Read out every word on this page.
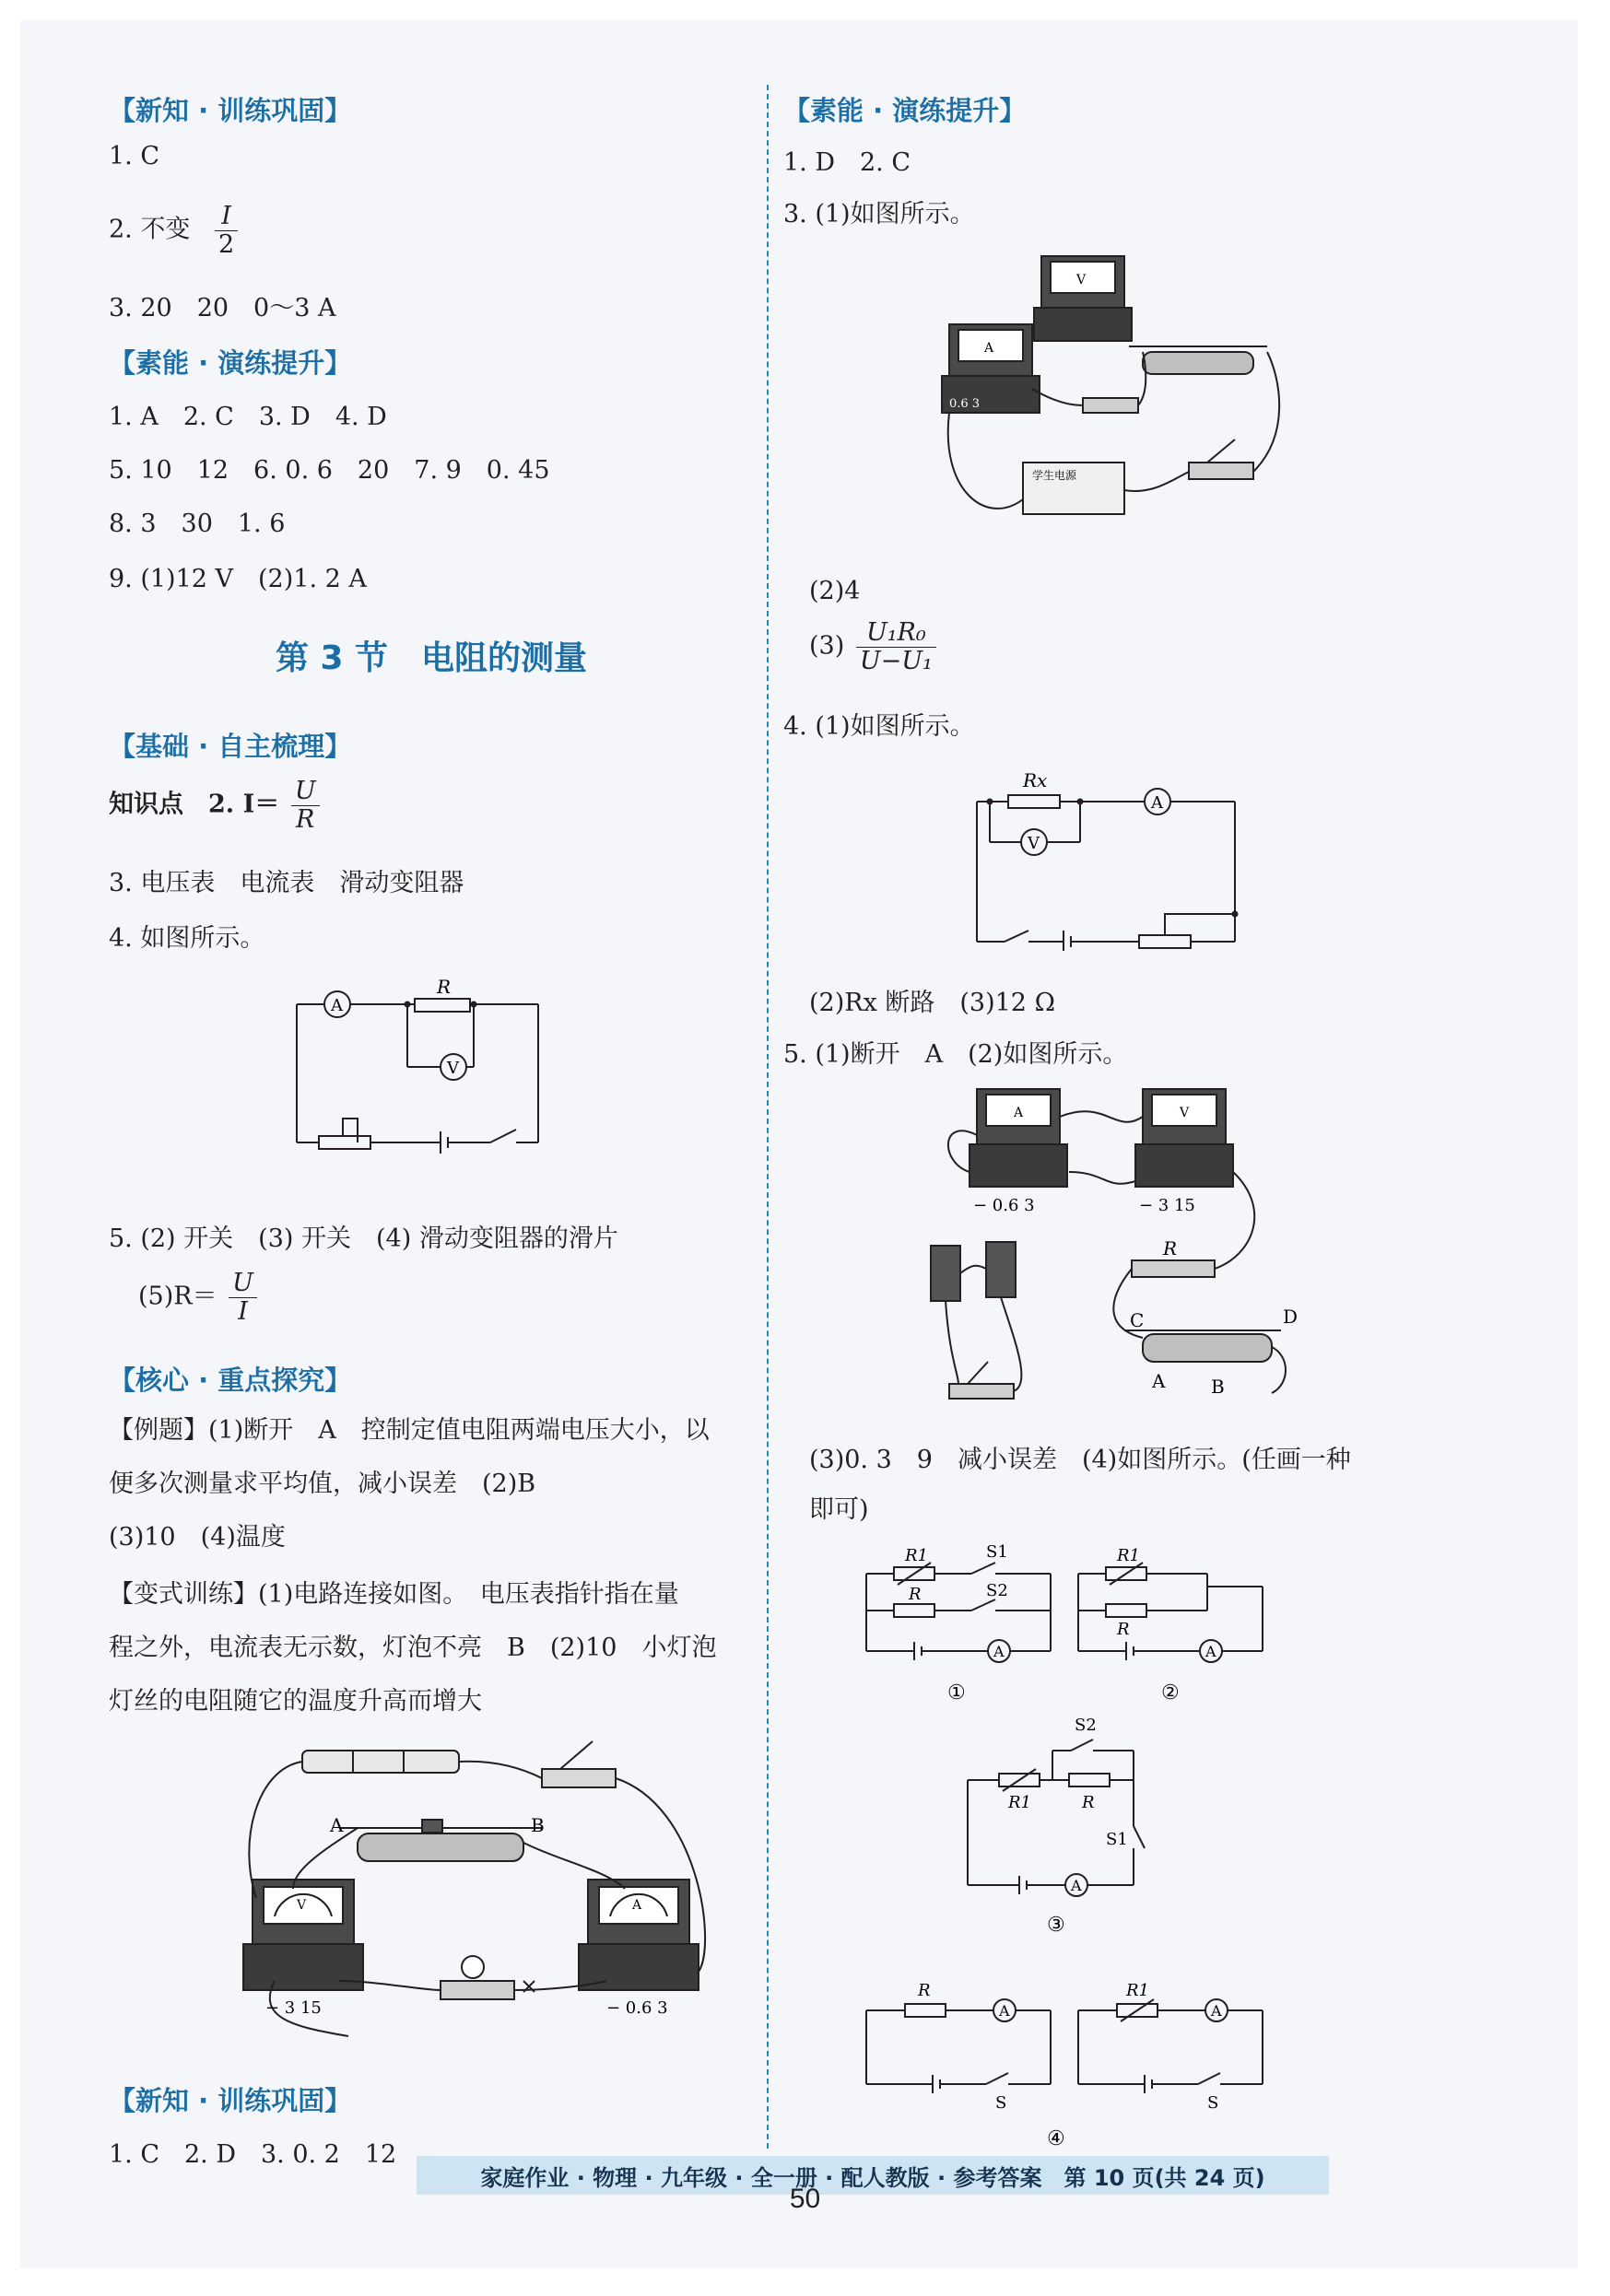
【新知 · 训练巩固】
1. C
2. 不变 $\frac{I}{2}$
3. 20　20　0～3 A
【素能 · 演练提升】
1. A　2. C　3. D　4. D
5. 10　12　6. 0. 6　20　7. 9　0. 45
8. 3　30　1. 6
9. (1)12 V　(2)1. 2 A
第 3 节　电阻的测量
【基础 · 自主梳理】
知识点　2. $I= \frac{U}{R}$
3. 电压表　电流表　滑动变阻器
4. 如图所示。
R
A
V
5. (2) 开关　(3) 开关　(4) 滑动变阻器的滑片
$(5)R= \frac{U}{I}$
【核心 · 重点探究】
【例题】(1)断开　A　控制定值电阻两端电压大小，以
便多次测量求平均值，减小误差　(2)B
(3)10　(4)温度
【变式训练】(1)电路连接如图。　电压表指针指在量
程之外，电流表无示数，灯泡不亮　B　(2)10　小灯泡
灯丝的电阻随它的温度升高而增大
A	B
− 3 15	− 0.6 3
V	A
【新知 · 训练巩固】
1. C　2. D　3. 0. 2　12
【素能 · 演练提升】
1. D　2. C
3. (1)如图所示。
V
A
0.6 3
学生电源
(2)4
$(3) \frac{\text{U₁R₀}}{\text{U−U₁}}$
4. (1)如图所示。
Rx
A
V
(2)Rx 断路　(3)12 Ω
5. (1)断开　A　(2)如图所示。
− 0.6 3	− 3 15
R
C	D
A B
A	V
(3)0. 3　9　减小误差　(4)如图所示。(任画一种
即可)
R1	S1
R	S2
A
①
R1
R
A
②
S2
R1	R
S1
A
③
R
A
S
R1
A
S
④
家庭作业 · 物理 · 九年级 · 全一册 · 配人教版 · 参考答案　第 10 页(共 24 页)
50
